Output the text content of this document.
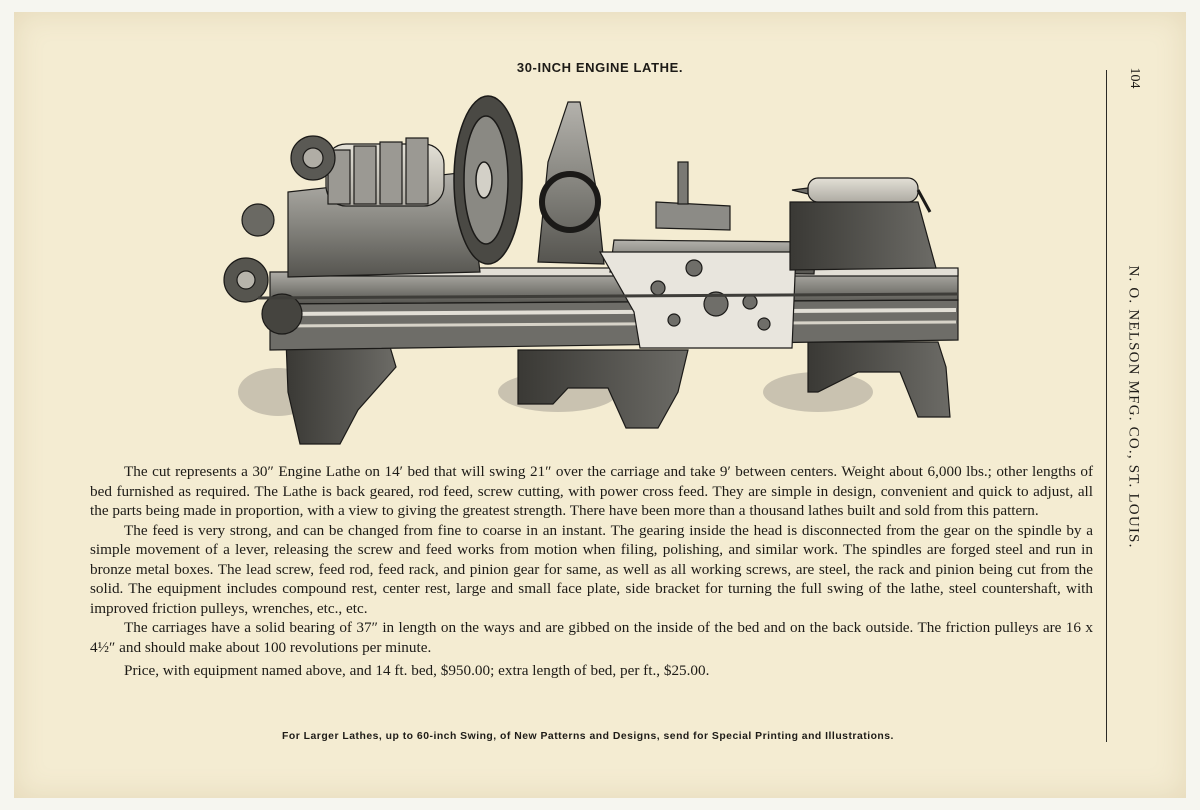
30-INCH ENGINE LATHE.	104
N. O. NELSON MFG. CO., ST. LOUIS.

The cut represents a 30″ Engine Lathe on 14′ bed that will swing 21″ over the carriage and take 9′ between centers. Weight about 6,000 lbs.; other lengths of bed furnished as required. The Lathe is back geared, rod feed, screw cutting, with power cross feed. They are simple in design, convenient and quick to adjust, all the parts being made in proportion, with a view to giving the greatest strength. There have been more than a thousand lathes built and sold from this pattern.

The feed is very strong, and can be changed from fine to coarse in an instant. The gearing inside the head is disconnected from the gear on the spindle by a simple movement of a lever, releasing the screw and feed works from motion when filing, polishing, and similar work. The spindles are forged steel and run in bronze metal boxes. The lead screw, feed rod, feed rack, and pinion gear for same, as well as all working screws, are steel, the rack and pinion being cut from the solid. The equipment includes compound rest, center rest, large and small face plate, side bracket for turning the full swing of the lathe, steel countershaft, with improved friction pulleys, wrenches, etc., etc.

The carriages have a solid bearing of 37″ in length on the ways and are gibbed on the inside of the bed and on the back outside. The friction pulleys are 16 x 4½″ and should make about 100 revolutions per minute.

Price, with equipment named above, and 14 ft. bed, $950.00; extra length of bed, per ft., $25.00.

For Larger Lathes, up to 60-inch Swing, of New Patterns and Designs, send for Special Printing and Illustrations.
